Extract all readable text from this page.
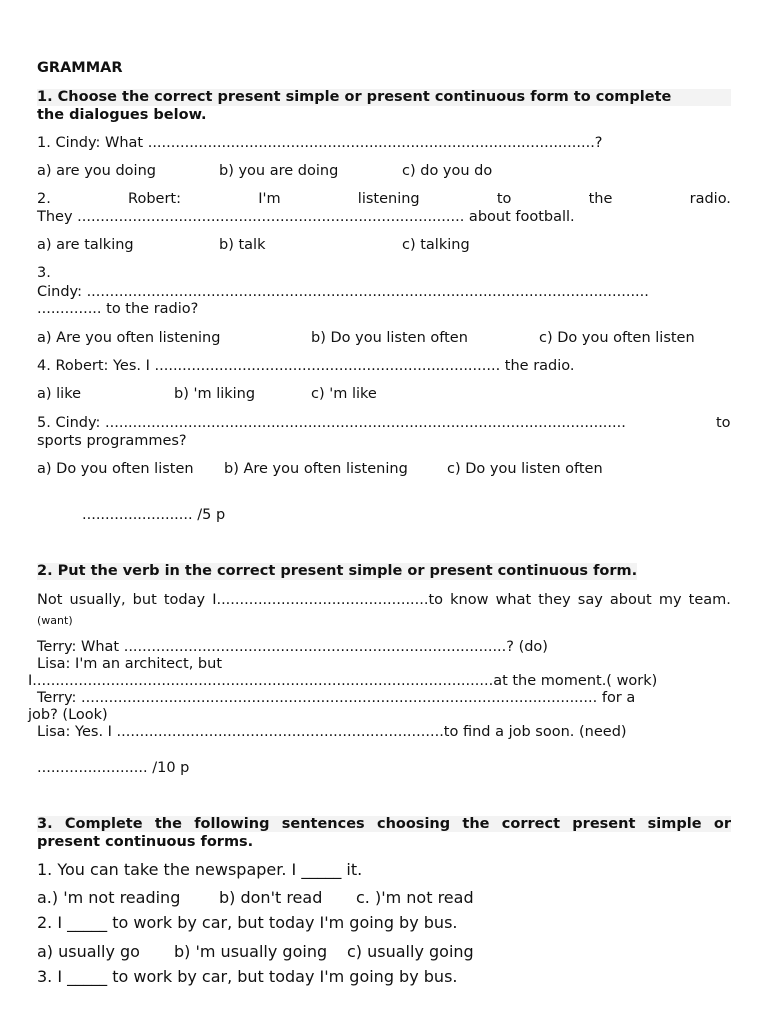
GRAMMAR
1. Choose the correct present simple or present continuous form to complete
the dialogues below.
1. Cindy: What .................................................................................................?
a) are you doing	b) you are doing	c) do you do
2.	Robert:	I'm	listening	to	the	radio.
They .................................................................................... about football.
a) are talking	b) talk	c) talking
3.
Cindy: ..........................................................................................................................
.............. to the radio?
a) Are you often listening	b) Do you listen often	c) Do you often listen
4. Robert: Yes. I ........................................................................... the radio.
a) like	b) 'm liking	c) 'm like
5. Cindy: .................................................................................................................	to
sports programmes?
a) Do you often listen b) Are you often listening	c) Do you listen often
........................ /5 p
2. Put the verb in the correct present simple or present continuous form.
Not usually, but today I..............................................to know what they say about my team.
(want)
Terry: What ...................................................................................? (do)
Lisa: I'm an architect, but
I....................................................................................................at the moment.( work)
Terry: ................................................................................................................ for a
job? (Look)
Lisa: Yes. I .......................................................................to find a job soon. (need)
........................ /10 p
3. Complete the following sentences choosing the correct present simple or
present continuous forms.
1. You can take the newspaper. I _____ it.
a.) 'm not reading b) don't read c. )'m not read
2. I _____ to work by car, but today I'm going by bus.
a) usually go b) 'm usually going c) usually going
3. I _____ to work by car, but today I'm going by bus.
